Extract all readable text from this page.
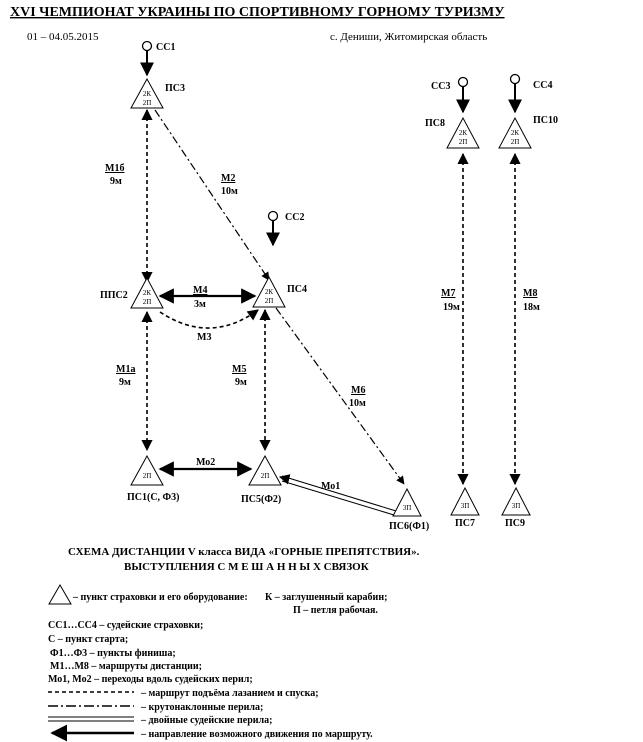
XVI ЧЕМПИОНАТ УКРАИНЫ ПО СПОРТИВНОМУ ГОРНОМУ ТУРИЗМУ
01 – 04.05.2015	с. Дениши, Житомирская область
СС1
СС2
СС3	СС4
М1б
9м	М2
10м
М4
3м
М3
М1а
9м
М5
9м
М6
10м
Мо2
Мо1
М7
19м
М8
18м
2К
2П
ПС3
2К
2П
ППС2	2К
2П
ПС4
2П
ПС1(С, Ф3)
2П
ПС5(Ф2)
3П
ПС6(Ф1)
2К
2П
ПС8
2К
2П
ПС10
3П
ПС7
3П
ПС9
СХЕМА ДИСТАНЦИИ V класса ВИДА «ГОРНЫЕ ПРЕПЯТСТВИЯ».
ВЫСТУПЛЕНИЯ С М Е Ш А Н Н Ы Х СВЯЗОК
– пункт страховки и его оборудование: К – заглушенный карабин;
П – петля рабочая.
СС1…СС4 – судейские страховки;
С – пункт старта;
Ф1…Ф3 – пункты финиша;
М1…М8 – маршруты дистанции;
Мо1, Мо2 – переходы вдоль судейских перил;
– маршрут подъёма лазанием и спуска;
– крутонаклонные перила;
– двойные судейские перила;
– направление возможного движения по маршруту.
